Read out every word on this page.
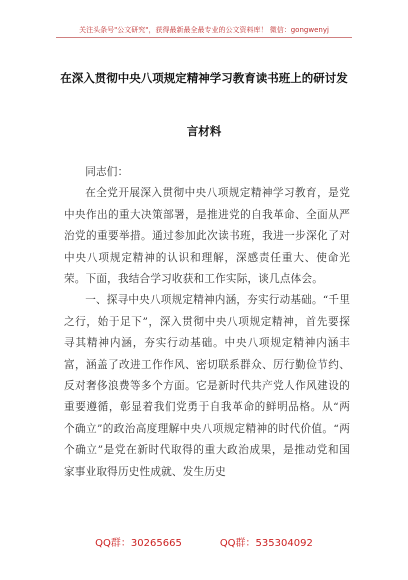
关注头条号"公文研究"，获得最新最全最专业的公文资料库！ 微信：gongwenyj
在深入贯彻中央八项规定精神学习教育读书班上的研讨发
言材料

同志们：

在全党开展深入贯彻中央八项规定精神学习教育，是党中央作出的重大决策部署，是推进党的自我革命、全面从严治党的重要举措。通过参加此次读书班，我进一步深化了对中央八项规定精神的认识和理解，深感责任重大、使命光荣。下面，我结合学习收获和工作实际，谈几点体会。

一、探寻中央八项规定精神内涵，夯实行动基础。“千里之行，始于足下”，深入贯彻中央八项规定精神，首先要探寻其精神内涵，夯实行动基础。中央八项规定精神内涵丰富，涵盖了改进工作作风、密切联系群众、厉行勤俭节约、反对奢侈浪费等多个方面。它是新时代共产党人作风建设的重要遵循，彰显着我们党勇于自我革命的鲜明品格。从“两个确立”的政治高度理解中央八项规定精神的时代价值。“两个确立”是党在新时代取得的重大政治成果，是推动党和国家事业取得历史性成就、发生历史

QQ群：30265665	QQ群：535304092
